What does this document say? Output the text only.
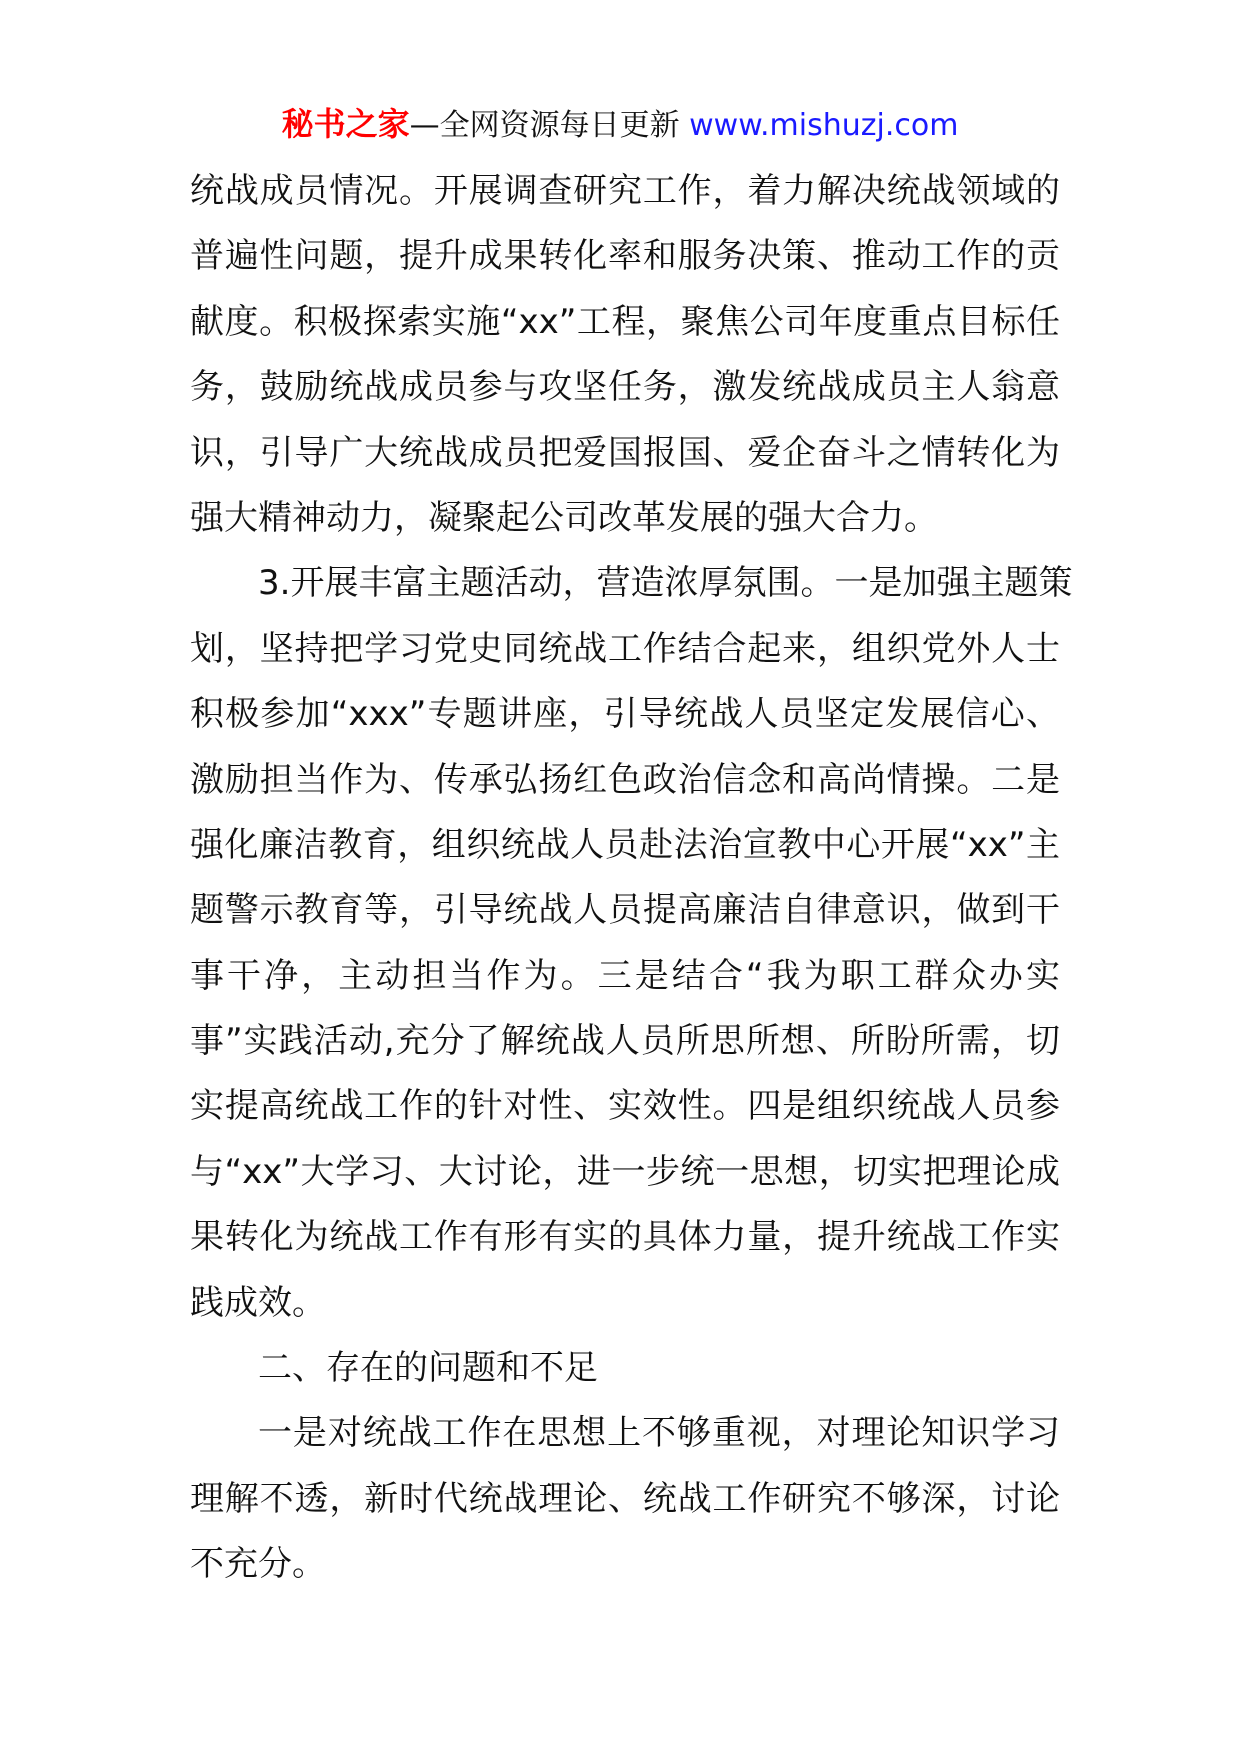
秘书之家—全网资源每日更新 www.mishuzj.com
统战成员情况。开展调查研究工作，着力解决统战领域的
普遍性问题，提升成果转化率和服务决策、推动工作的贡
献度。积极探索实施“xx”工程，聚焦公司年度重点目标任
务，鼓励统战成员参与攻坚任务，激发统战成员主人翁意
识，引导广大统战成员把爱国报国、爱企奋斗之情转化为
强大精神动力，凝聚起公司改革发展的强大合力。
3.开展丰富主题活动，营造浓厚氛围。一是加强主题策
划，坚持把学习党史同统战工作结合起来，组织党外人士
积极参加“xxx”专题讲座，引导统战人员坚定发展信心、
激励担当作为、传承弘扬红色政治信念和高尚情操。二是
强化廉洁教育，组织统战人员赴法治宣教中心开展“xx”主
题警示教育等，引导统战人员提高廉洁自律意识，做到干
事干净，主动担当作为。三是结合“我为职工群众办实
事”实践活动,充分了解统战人员所思所想、所盼所需，切
实提高统战工作的针对性、实效性。四是组织统战人员参
与“xx”大学习、大讨论，进一步统一思想，切实把理论成
果转化为统战工作有形有实的具体力量，提升统战工作实
践成效。
二、存在的问题和不足
一是对统战工作在思想上不够重视，对理论知识学习
理解不透，新时代统战理论、统战工作研究不够深，讨论
不充分。
